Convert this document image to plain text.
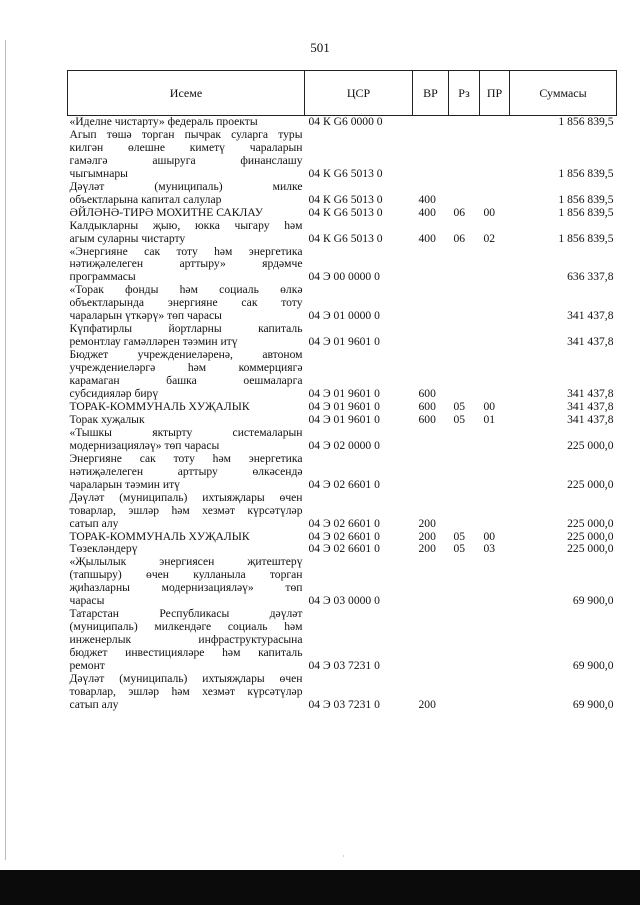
501
Исеме	ЦСР	ВР	Рз	ПР	Суммасы

«Иделне чистарту» федераль проекты	04 К G6 0000 0				1 856 839,5

Агып төшә торган пычрак суларга туры
килгән өлешне киметү чараларын
гамәлгә ашыруга финанслашу
чыгымнары	04 К G6 5013 0				1 856 839,5

Дәүләт (муниципаль) милке
объектларына капитал салулар	04 К G6 5013 0	400			1 856 839,5

ӘЙЛӘНӘ-ТИРӘ МОХИТНЕ САКЛАУ	04 К G6 5013 0	400	06	00	1 856 839,5

Калдыкларны җыю, юкка чыгару һәм
агым суларны чистарту	04 К G6 5013 0	400	06	02	1 856 839,5

«Энергияне сак тоту һәм энергетика
нәтиҗәлелеген арттыру» ярдәмче
программасы	04 Э 00 0000 0				636 337,8

«Торак фонды һәм социаль өлкә
объектларында энергияне сак тоту
чараларын үткәрү» төп чарасы	04 Э 01 0000 0				341 437,8

Күпфатирлы йортларны капиталь
ремонтлау гамәлләрен тәэмин итү	04 Э 01 9601 0				341 437,8

Бюджет учреждениеләренә, автоном
учреждениеләргә һәм коммерциягә
карамаган башка оешмаларга
субсидияләр бирү	04 Э 01 9601 0	600			341 437,8

ТОРАК-КОММУНАЛЬ ХУҖАЛЫК	04 Э 01 9601 0	600	05	00	341 437,8

Торак хуҗалык	04 Э 01 9601 0	600	05	01	341 437,8

«Тышкы яктырту системаларын
модернизацияләү» төп чарасы	04 Э 02 0000 0				225 000,0

Энергияне сак тоту һәм энергетика
нәтиҗәлелеген арттыру өлкәсендә
чараларын тәэмин итү	04 Э 02 6601 0				225 000,0

Дәүләт (муниципаль) ихтыяҗлары өчен
товарлар, эшләр һәм хезмәт күрсәтүләр
сатып алу	04 Э 02 6601 0	200			225 000,0

ТОРАК-КОММУНАЛЬ ХУҖАЛЫК	04 Э 02 6601 0	200	05	00	225 000,0

Төзекләндерү	04 Э 02 6601 0	200	05	03	225 000,0

«Җылылык энергиясен җитештерү
(тапшыру) өчен кулланыла торган
җиһазларны модернизацияләү» төп
чарасы	04 Э 03 0000 0				69 900,0

Татарстан Республикасы дәүләт
(муниципаль) милкендәге социаль һәм
инженерлык инфраструктурасына
бюджет инвестицияләре һәм капиталь
ремонт	04 Э 03 7231 0				69 900,0

Дәүләт (муниципаль) ихтыяҗлары өчен
товарлар, эшләр һәм хезмәт күрсәтүләр
сатып алу	04 Э 03 7231 0	200			69 900,0
·
